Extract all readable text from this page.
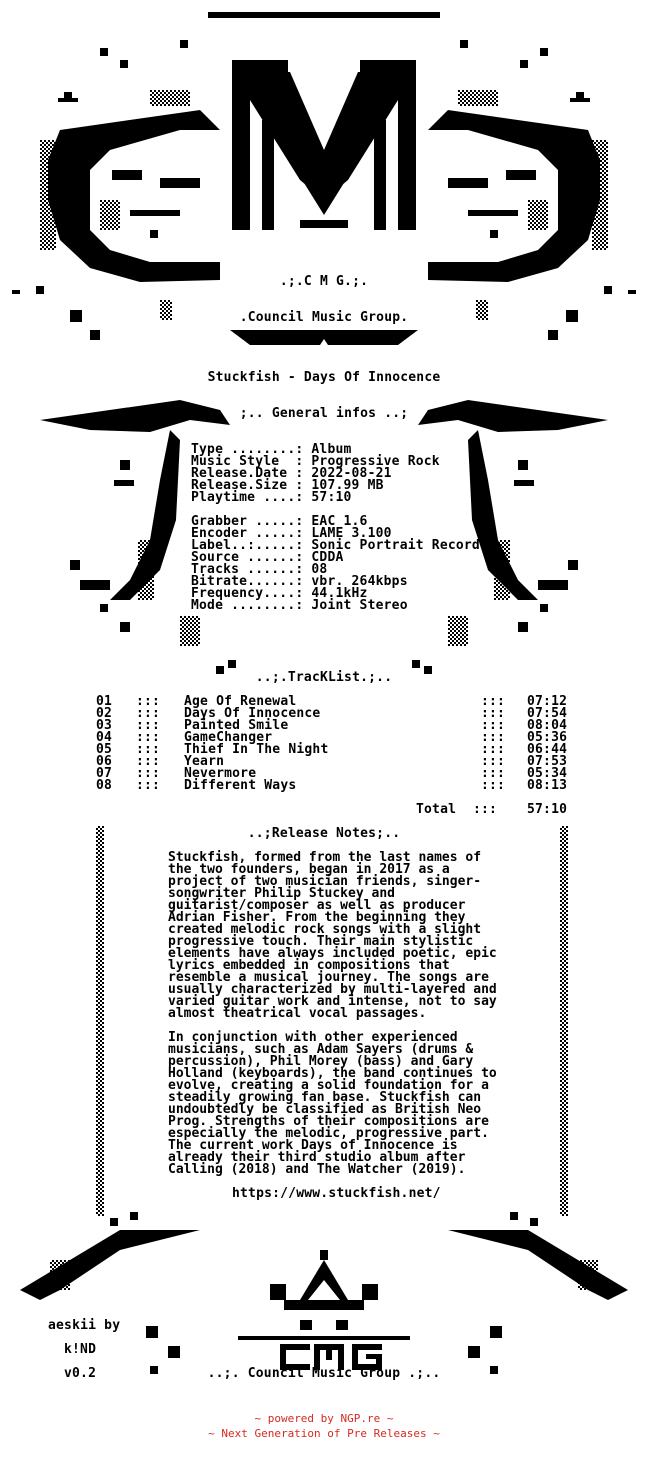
.;.C M G.;.
.Council Music Group.
Stuckfish - Days Of Innocence
;.. General infos ..;
Type ........: Album
Music Style  : Progressive Rock
Release.Date : 2022-08-21
Release.Size : 107.99 MB
Playtime ....: 57:10
Grabber .....: EAC 1.6
Encoder .....: LAME 3.100
Label..:.....: Sonic Portrait Record
Source ......: CDDA
Tracks ......: 08
Bitrate......: vbr. 264kbps
Frequency....: 44.1kHz
Mode ........: Joint Stereo
..;.TracKList.;..
01 ::: Age Of Renewal	::: 07:12
02 ::: Days Of Innocence	::: 07:54
03 ::: Painted Smile	::: 08:04
04 ::: GameChanger	::: 05:36
05 ::: Thief In The Night	::: 06:44
06 ::: Yearn	::: 07:53
07 ::: Nevermore	::: 05:34
08 ::: Different Ways	::: 08:13
Total ::: 57:10
..;Release Notes;..
Stuckfish, formed from the last names of
the two founders, began in 2017 as a
project of two musician friends, singer-
songwriter Philip Stuckey and
guitarist/composer as well as producer
Adrian Fisher. From the beginning they
created melodic rock songs with a slight
progressive touch. Their main stylistic
elements have always included poetic, epic
lyrics embedded in compositions that
resemble a musical journey. The songs are
usually characterized by multi-layered and
varied guitar work and intense, not to say
almost theatrical vocal passages.
In conjunction with other experienced
musicians, such as Adam Sayers (drums &
percussion), Phil Morey (bass) and Gary
Holland (keyboards), the band continues to
evolve, creating a solid foundation for a
steadily growing fan base. Stuckfish can
undoubtedly be classified as British Neo
Prog. Strengths of their compositions are
especially the melodic, progressive part.
The current work Days of Innocence is
already their third studio album after
Calling (2018) and The Watcher (2019).
https://www.stuckfish.net/
aeskii by
k!ND
v0.2	..;. Council Music Group .;..
~ powered by NGP.re ~
~ Next Generation of Pre Releases ~
